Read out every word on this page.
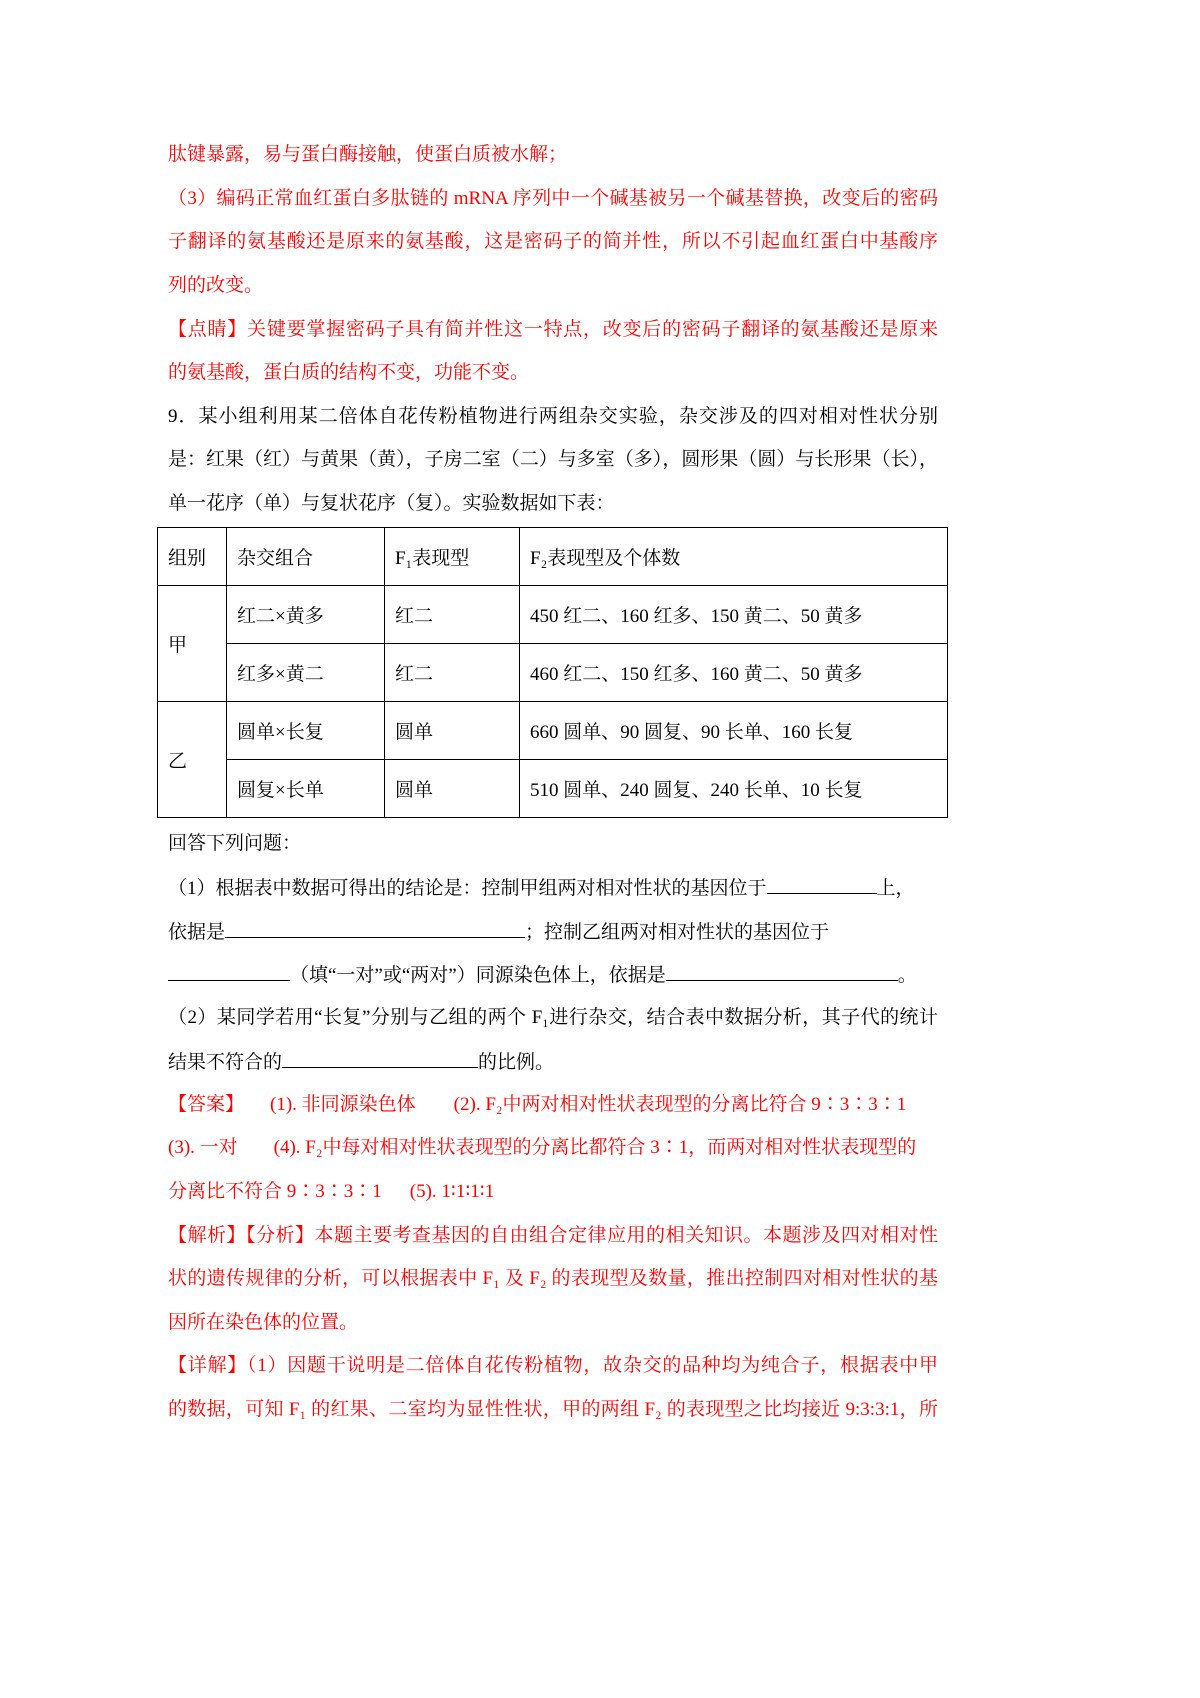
肽键暴露，易与蛋白酶接触，使蛋白质被水解；
（3）编码正常血红蛋白多肽链的 mRNA 序列中一个碱基被另一个碱基替换，改变后的密码
子翻译的氨基酸还是原来的氨基酸，这是密码子的简并性，所以不引起血红蛋白中基酸序
列的改变。
【点睛】关键要掌握密码子具有简并性这一特点，改变后的密码子翻译的氨基酸还是原来
的氨基酸，蛋白质的结构不变，功能不变。
9．某小组利用某二倍体自花传粉植物进行两组杂交实验，杂交涉及的四对相对性状分别
是：红果（红）与黄果（黄），子房二室（二）与多室（多），圆形果（圆）与长形果（长），
单一花序（单）与复状花序（复）。实验数据如下表：
组别	杂交组合	F₁表现型	F₂表现型及个体数
甲	红二×黄多	红二	450 红二、160 红多、150 黄二、50 黄多
	红多×黄二	红二	460 红二、150 红多、160 黄二、50 黄多
乙	圆单×长复	圆单	660 圆单、90 圆复、90 长单、160 长复
	圆复×长单	圆单	510 圆单、240 圆复、240 长单、10 长复
回答下列问题：
（1）根据表中数据可得出的结论是：控制甲组两对相对性状的基因位于	上，
依据是	；控制乙组两对相对性状的基因位于
（填“一对”或“两对”）同源染色体上，依据是	。
（2）某同学若用“长复”分别与乙组的两个 F₁进行杂交，结合表中数据分析，其子代的统计
结果不符合的	的比例。
【答案】 (1). 非同源染色体 (2). F₂中两对相对性状表现型的分离比符合 9∶3∶3∶1
(3). 一对 (4). F₂中每对相对性状表现型的分离比都符合 3∶1，而两对相对性状表现型的
分离比不符合 9∶3∶3∶1 (5). 1∶1∶1∶1
【解析】【分析】本题主要考查基因的自由组合定律应用的相关知识。本题涉及四对相对性
状的遗传规律的分析，可以根据表中 F₁ 及 F₂ 的表现型及数量，推出控制四对相对性状的基
因所在染色体的位置。
【详解】（1）因题干说明是二倍体自花传粉植物，故杂交的品种均为纯合子，根据表中甲
的数据，可知 F₁ 的红果、二室均为显性性状，甲的两组 F₂ 的表现型之比均接近 9:3:3:1，所
